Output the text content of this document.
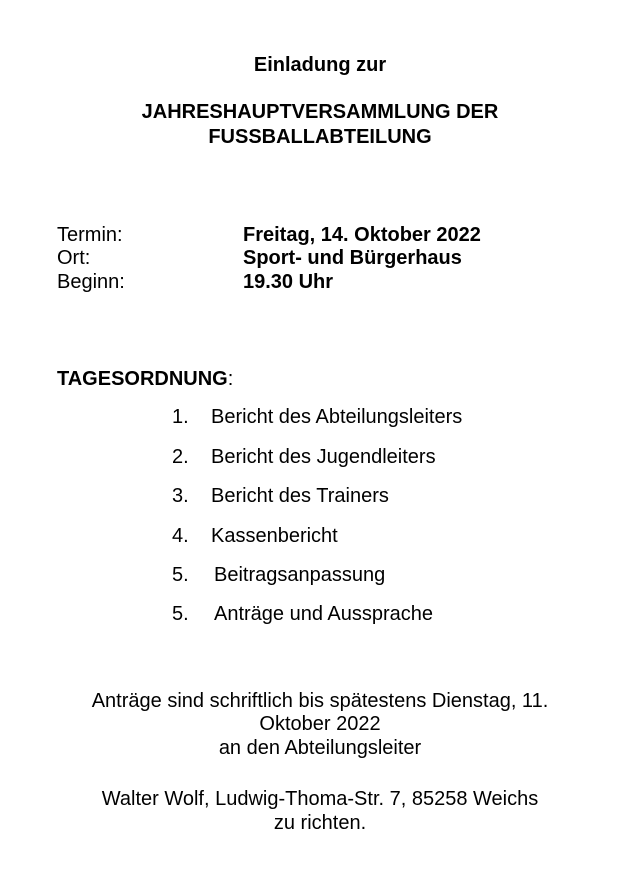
Einladung zur
JAHRESHAUPTVERSAMMLUNG DER
FUSSBALLABTEILUNG
Termin:	Freitag, 14. Oktober 2022
Ort:	Sport- und Bürgerhaus
Beginn:	19.30 Uhr
TAGESORDNUNG:
1. Bericht des Abteilungsleiters
2. Bericht des Jugendleiters
3. Bericht des Trainers
4. Kassenbericht
5. Beitragsanpassung
5. Anträge und Aussprache
Anträge sind schriftlich bis spätestens Dienstag, 11.
Oktober 2022
an den Abteilungsleiter
Walter Wolf, Ludwig-Thoma-Str. 7, 85258 Weichs
zu richten.
